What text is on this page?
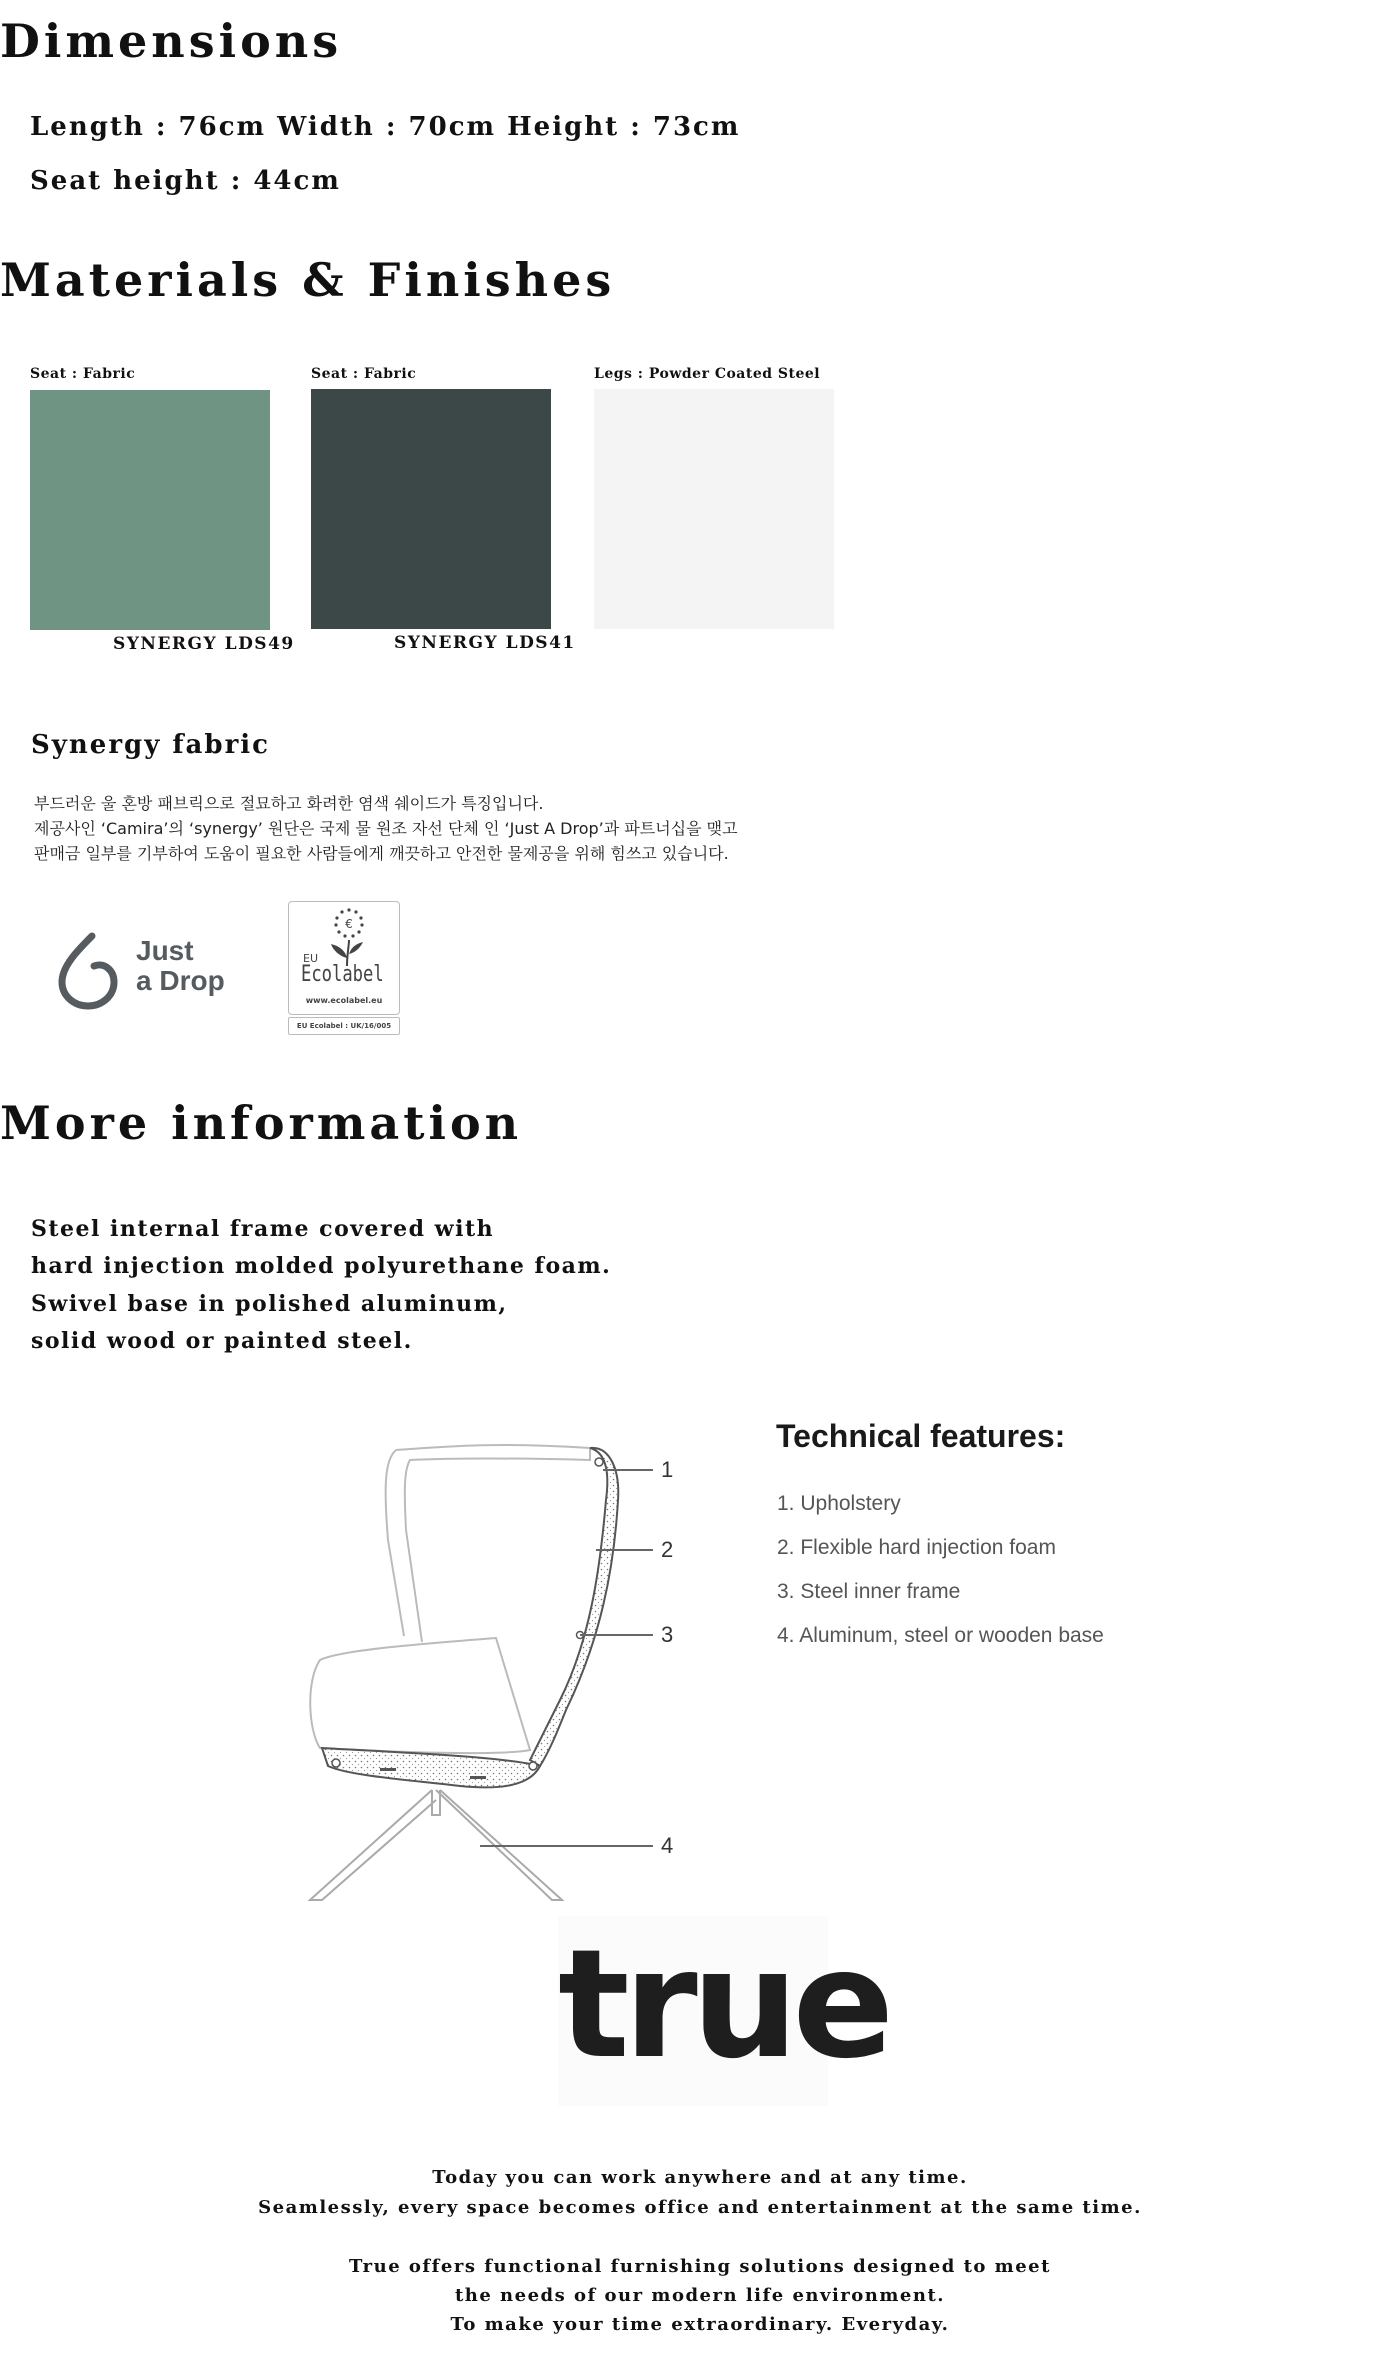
Dimensions
Length : 76cm Width : 70cm Height : 73cm
Seat height : 44cm
Materials & Finishes
Seat : Fabric
SYNERGY LDS49
Seat : Fabric
SYNERGY LDS41
Legs : Powder Coated Steel
Synergy fabric
부드러운 울 혼방 패브릭으로 절묘하고 화려한 염색 쉐이드가 특징입니다.
제공사인 ‘Camira’의 ‘synergy’ 원단은 국제 물 원조 자선 단체 인 ‘Just A Drop’과 파트너십을 맺고
판매금 일부를 기부하여 도움이 필요한 사람들에게 깨끗하고 안전한 물제공을 위해 힘쓰고 있습니다.
Just
a Drop
€
EU
Ecolabel
www.ecolabel.eu
EU Ecolabel : UK/16/005
More information
Steel internal frame covered with
hard injection molded polyurethane foam.
Swivel base in polished aluminum,
solid wood or painted steel.
1
2
3
4
Technical features:
1. Upholstery
2. Flexible hard injection foam
3. Steel inner frame
4. Aluminum, steel or wooden base
true
Today you can work anywhere and at any time.
Seamlessly, every space becomes office and entertainment at the same time.
True offers functional furnishing solutions designed to meet
the needs of our modern life environment.
To make your time extraordinary. Everyday.
